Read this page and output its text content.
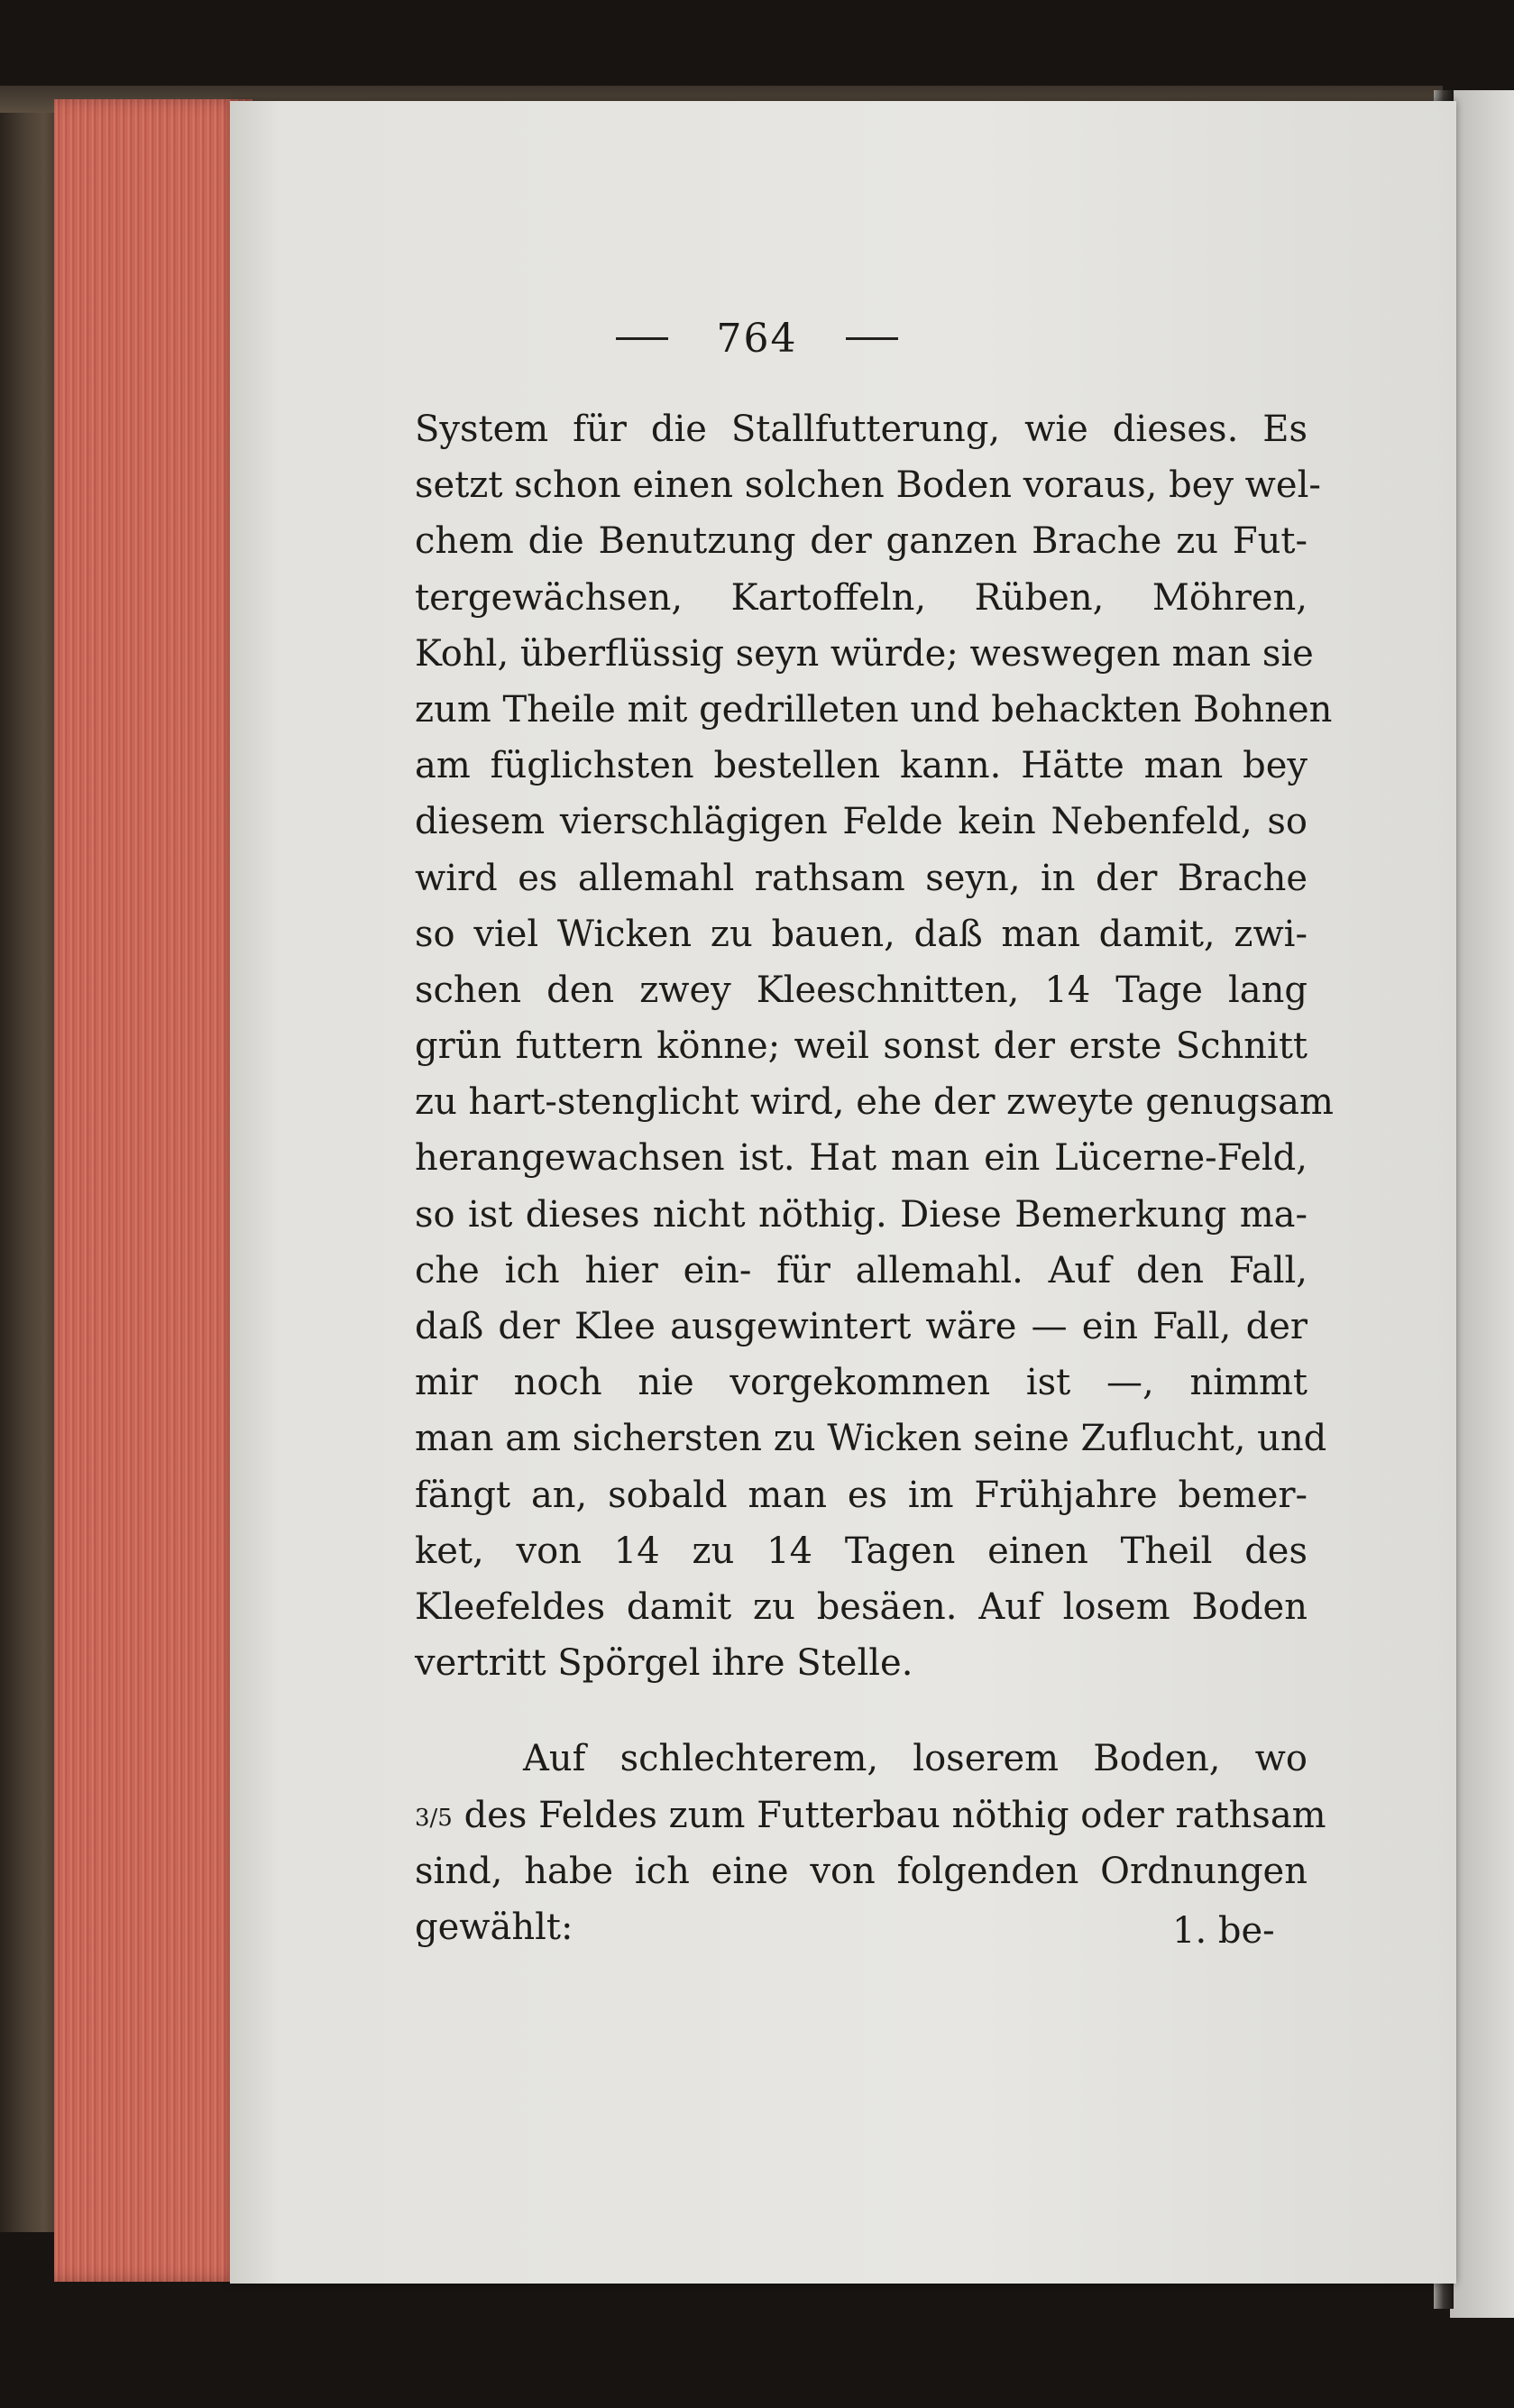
764
System für die Stallfutterung, wie dieses. Es
setzt schon einen solchen Boden voraus, bey wel-
chem die Benutzung der ganzen Brache zu Fut-
tergewächsen, Kartoffeln, Rüben, Möhren,
Kohl, überflüssig seyn würde; weswegen man sie
zum Theile mit gedrilleten und behackten Bohnen
am füglichsten bestellen kann. Hätte man bey
diesem vierschlägigen Felde kein Nebenfeld, so
wird es allemahl rathsam seyn, in der Brache
so viel Wicken zu bauen, daß man damit, zwi-
schen den zwey Kleeschnitten, 14 Tage lang
grün futtern könne; weil sonst der erste Schnitt
zu hart-stenglicht wird, ehe der zweyte genugsam
herangewachsen ist. Hat man ein Lücerne-Feld,
so ist dieses nicht nöthig. Diese Bemerkung ma-
che ich hier ein- für allemahl. Auf den Fall,
daß der Klee ausgewintert wäre — ein Fall, der
mir noch nie vorgekommen ist —, nimmt
man am sichersten zu Wicken seine Zuflucht, und
fängt an, sobald man es im Frühjahre bemer-
ket, von 14 zu 14 Tagen einen Theil des
Kleefeldes damit zu besäen. Auf losem Boden
vertritt Spörgel ihre Stelle.
Auf schlechterem, loserem Boden, wo
3/5 des Feldes zum Futterbau nöthig oder rathsam
sind, habe ich eine von folgenden Ordnungen
gewählt:	1. be-
